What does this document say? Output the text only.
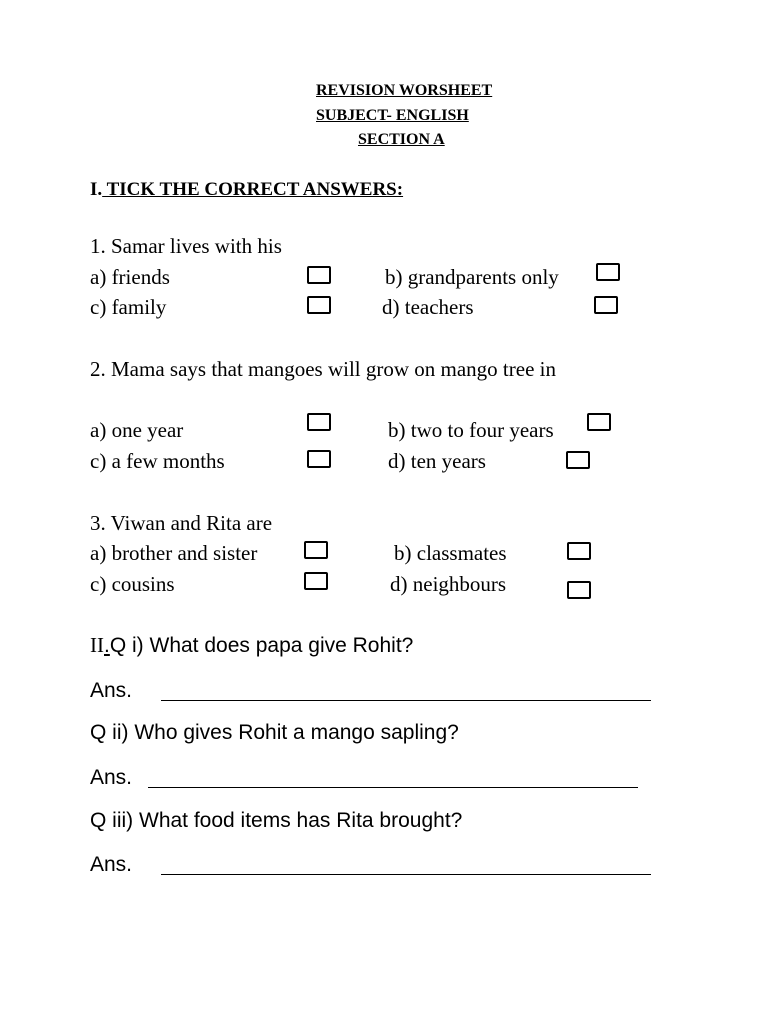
REVISION WORSHEET
SUBJECT- ENGLISH
SECTION A
I. TICK THE CORRECT ANSWERS:
1. Samar lives with his
a) friends	b) grandparents only
c) family	d) teachers
2. Mama says that mangoes will grow on mango tree in
a) one year	b) two to four years
c) a few months	d) ten years
3. Viwan and Rita are
a) brother and sister	b) classmates
c) cousins	d) neighbours
II.Q i) What does papa give Rohit?
Ans.
Q ii) Who gives Rohit a mango sapling?
Ans.
Q iii) What food items has Rita brought?
Ans.
